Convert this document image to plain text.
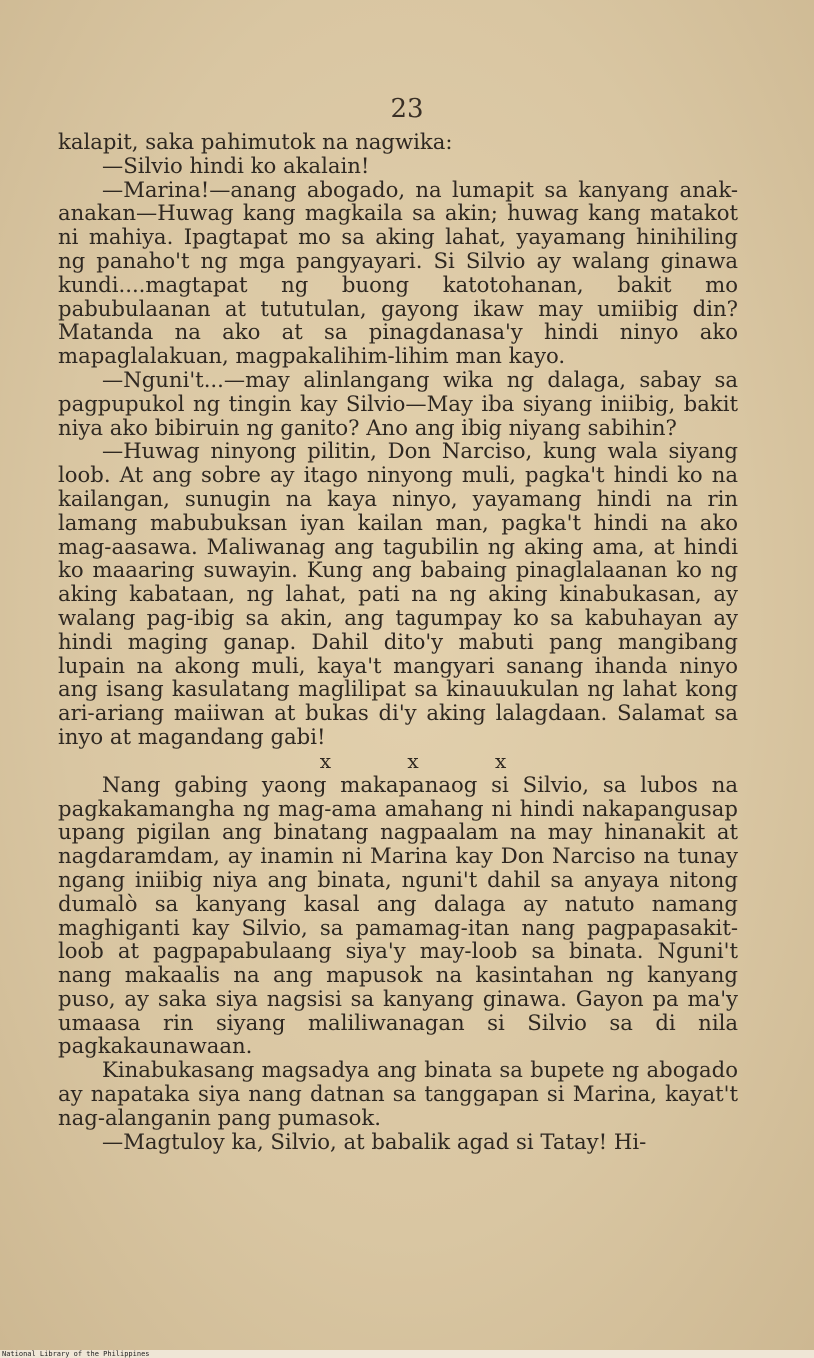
23

kalapit, saka pahimutok na nagwika:

—Silvio hindi ko akalain!

—Marina!—anang abogado, na lumapit sa kanyang anak-anakan—Huwag kang magkaila sa akin; huwag kang matakot ni mahiya. Ipagtapat mo sa aking lahat, yayamang hinihiling ng panaho't ng mga pangyayari. Si Silvio ay walang ginawa kundi....magtapat ng buong katotohanan, bakit mo pabubulaanan at tututulan, gayong ikaw may umiibig din? Matanda na ako at sa pinagdanasa'y hindi ninyo ako mapaglalakuan, magpakalihim-lihim man kayo.

—Nguni't...—may alinlangang wika ng dalaga, sabay sa pagpupukol ng tingin kay Silvio—May iba siyang iniibig, bakit niya ako bibiruin ng ganito? Ano ang ibig niyang sabihin?

—Huwag ninyong pilitin, Don Narciso, kung wala siyang loob. At ang sobre ay itago ninyong muli, pagka't hindi ko na kailangan, sunugin na kaya ninyo, yayamang hindi na rin lamang mabubuksan iyan kailan man, pagka't hindi na ako mag-aasawa. Maliwanag ang tagubilin ng aking ama, at hindi ko maaaring suwayin. Kung ang babaing pinaglalaanan ko ng aking kabataan, ng lahat, pati na ng aking kinabukasan, ay walang pag-ibig sa akin, ang tagumpay ko sa kabuhayan ay hindi maging ganap. Dahil dito'y mabuti pang mangibang lupain na akong muli, kaya't mangyari sanang ihanda ninyo ang isang kasulatang maglilipat sa kinauukulan ng lahat kong ari-ariang maiiwan at bukas di'y aking lalagdaan. Salamat sa inyo at magandang gabi!

x x x

Nang gabing yaong makapanaog si Silvio, sa lubos na pagkakamangha ng mag-ama amahang ni hindi nakapangusap upang pigilan ang binatang nagpaalam na may hinanakit at nagdaramdam, ay inamin ni Marina kay Don Narciso na tunay ngang iniibig niya ang binata, nguni't dahil sa anyaya nitong dumalò sa kanyang kasal ang dalaga ay natuto namang maghiganti kay Silvio, sa pamamag-itan nang pagpapasakit-loob at pagpapabulaang siya'y may-loob sa binata. Nguni't nang makaalis na ang mapusok na kasintahan ng kanyang puso, ay saka siya nagsisi sa kanyang ginawa. Gayon pa ma'y umaasa rin siyang maliliwanagan si Silvio sa di nila pagkakaunawaan.

Kinabukasang magsadya ang binata sa bupete ng abogado ay napataka siya nang datnan sa tanggapan si Marina, kayat't nag-alanganin pang pumasok.

—Magtuloy ka, Silvio, at babalik agad si Tatay! Hi-

National Library of the Philippines
